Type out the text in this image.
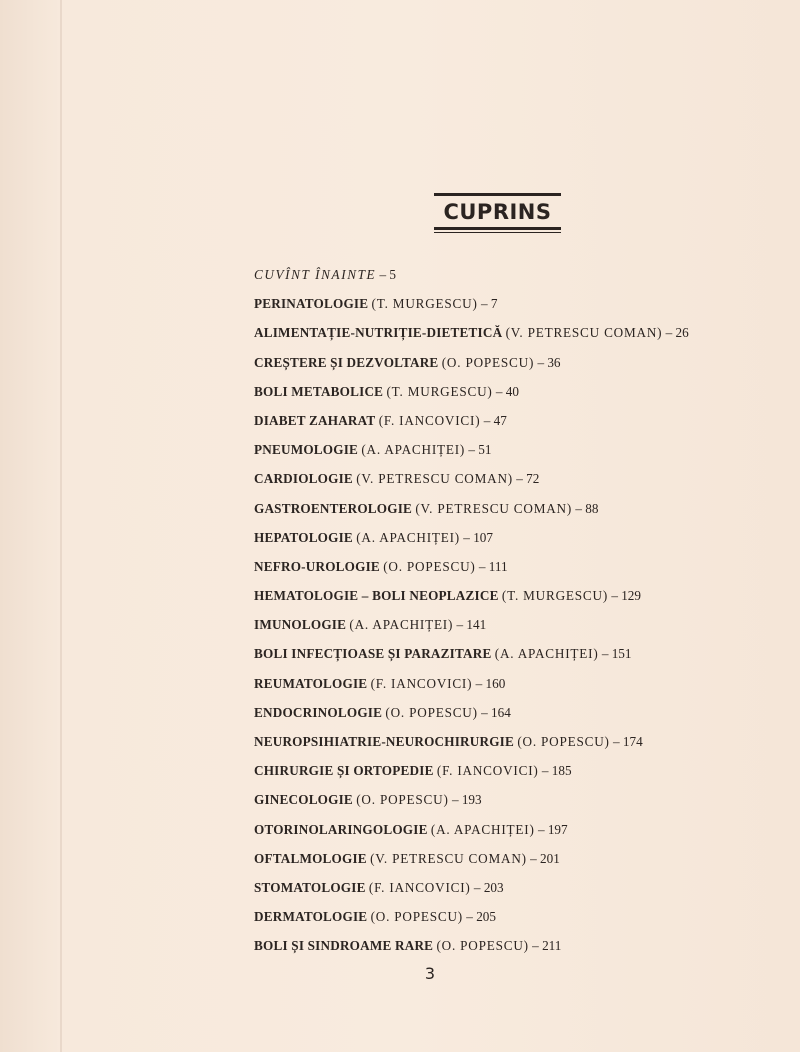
CUPRINS
CUVÎNT ÎNAINTE – 5
PERINATOLOGIE (T. MURGESCU) – 7
ALIMENTAȚIE-NUTRIȚIE-DIETETICĂ (V. PETRESCU COMAN) – 26
CREȘTERE ȘI DEZVOLTARE (O. POPESCU) – 36
BOLI METABOLICE (T. MURGESCU) – 40
DIABET ZAHARAT (F. IANCOVICI) – 47
PNEUMOLOGIE (A. APACHIȚEI) – 51
CARDIOLOGIE (V. PETRESCU COMAN) – 72
GASTROENTEROLOGIE (V. PETRESCU COMAN) – 88
HEPATOLOGIE (A. APACHIȚEI) – 107
NEFRO-UROLOGIE (O. POPESCU) – 111
HEMATOLOGIE – BOLI NEOPLAZICE (T. MURGESCU) – 129
IMUNOLOGIE (A. APACHIȚEI) – 141
BOLI INFECȚIOASE ȘI PARAZITARE (A. APACHIȚEI) – 151
REUMATOLOGIE (F. IANCOVICI) – 160
ENDOCRINOLOGIE (O. POPESCU) – 164
NEUROPSIHIATRIE-NEUROCHIRURGIE (O. POPESCU) – 174
CHIRURGIE ȘI ORTOPEDIE (F. IANCOVICI) – 185
GINECOLOGIE (O. POPESCU) – 193
OTORINOLARINGOLOGIE (A. APACHIȚEI) – 197
OFTALMOLOGIE (V. PETRESCU COMAN) – 201
STOMATOLOGIE (F. IANCOVICI) – 203
DERMATOLOGIE (O. POPESCU) – 205
BOLI ȘI SINDROAME RARE (O. POPESCU) – 211
3
